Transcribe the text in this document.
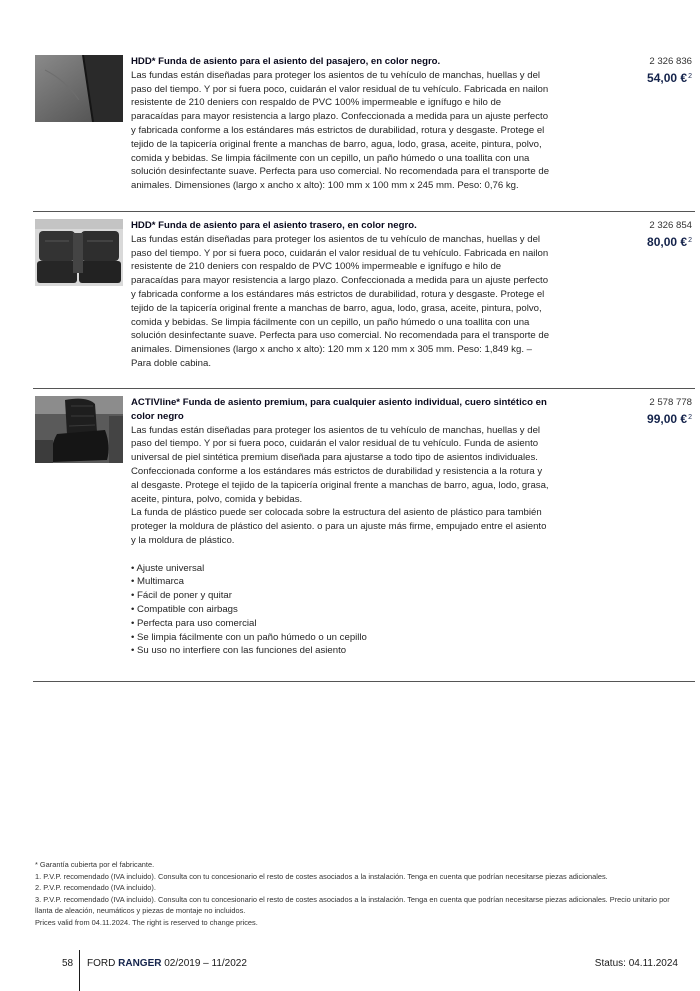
HDD* Funda de asiento para el asiento del pasajero, en color negro.

Las fundas están diseñadas para proteger los asientos de tu vehículo de manchas, huellas y del paso del tiempo. Y por si fuera poco, cuidarán el valor residual de tu vehículo. Fabricada en nailon resistente de 210 deniers con respaldo de PVC 100% impermeable e ignífugo e hilo de paracaídas para mayor resistencia a largo plazo. Confeccionada a medida para un ajuste perfecto y fabricada conforme a los estándares más estrictos de durabilidad, rotura y desgaste. Protege el tejido de la tapicería original frente a manchas de barro, agua, lodo, grasa, aceite, pintura, polvo, comida y bebidas. Se limpia fácilmente con un cepillo, un paño húmedo o una toallita con una solución desinfectante suave. Perfecta para uso comercial. No recomendada para el transporte de animales. Dimensiones (largo x ancho x alto): 100 mm x 100 mm x 245 mm. Peso: 0,76 kg.

2 326 836
54,00 €$^2$

HDD* Funda de asiento para el asiento trasero, en color negro.

Las fundas están diseñadas para proteger los asientos de tu vehículo de manchas, huellas y del paso del tiempo. Y por si fuera poco, cuidarán el valor residual de tu vehículo. Fabricada en nailon resistente de 210 deniers con respaldo de PVC 100% impermeable e ignífugo e hilo de paracaídas para mayor resistencia a largo plazo. Confeccionada a medida para un ajuste perfecto y fabricada conforme a los estándares más estrictos de durabilidad, rotura y desgaste. Protege el tejido de la tapicería original frente a manchas de barro, agua, lodo, grasa, aceite, pintura, polvo, comida y bebidas. Se limpia fácilmente con un cepillo, un paño húmedo o una toallita con una solución desinfectante suave. Perfecta para uso comercial. No recomendada para el transporte de animales. Dimensiones (largo x ancho x alto): 120 mm x 120 mm x 305 mm. Peso: 1,849 kg. – Para doble cabina.

2 326 854
80,00 €$^2$

ACTIVline* Funda de asiento premium, para cualquier asiento individual, cuero sintético en color negro

Las fundas están diseñadas para proteger los asientos de tu vehículo de manchas, huellas y del paso del tiempo. Y por si fuera poco, cuidarán el valor residual de tu vehículo. Funda de asiento universal de piel sintética premium diseñada para ajustarse a todo tipo de asientos individuales. Confeccionada conforme a los estándares más estrictos de durabilidad y resistencia a la rotura y al desgaste. Protege el tejido de la tapicería original frente a manchas de barro, agua, lodo, grasa, aceite, pintura, polvo, comida y bebidas.

La funda de plástico puede ser colocada sobre la estructura del asiento de plástico para también proteger la moldura de plástico del asiento. o para un ajuste más firme, empujado entre el asiento y la moldura de plástico.

• Ajuste universal
• Multimarca
• Fácil de poner y quitar
• Compatible con airbags
• Perfecta para uso comercial
• Se limpia fácilmente con un paño húmedo o un cepillo
• Su uso no interfiere con las funciones del asiento
2 578 778
99,00 €$^2$

* Garantía cubierta por el fabricante.

1. P.V.P. recomendado (IVA incluido). Consulta con tu concesionario el resto de costes asociados a la instalación. Tenga en cuenta que podrían necesitarse piezas adicionales.

2. P.V.P. recomendado (IVA incluido).

3. P.V.P. recomendado (IVA incluido). Consulta con tu concesionario el resto de costes asociados a la instalación. Tenga en cuenta que podrían necesitarse piezas adicionales. Precio unitario por llanta de aleación, neumáticos y piezas de montaje no incluidos.

Prices valid from 04.11.2024. The right is reserved to change prices.

58 FORD RANGER 02/2019 – 11/2022	Status: 04.11.2024
